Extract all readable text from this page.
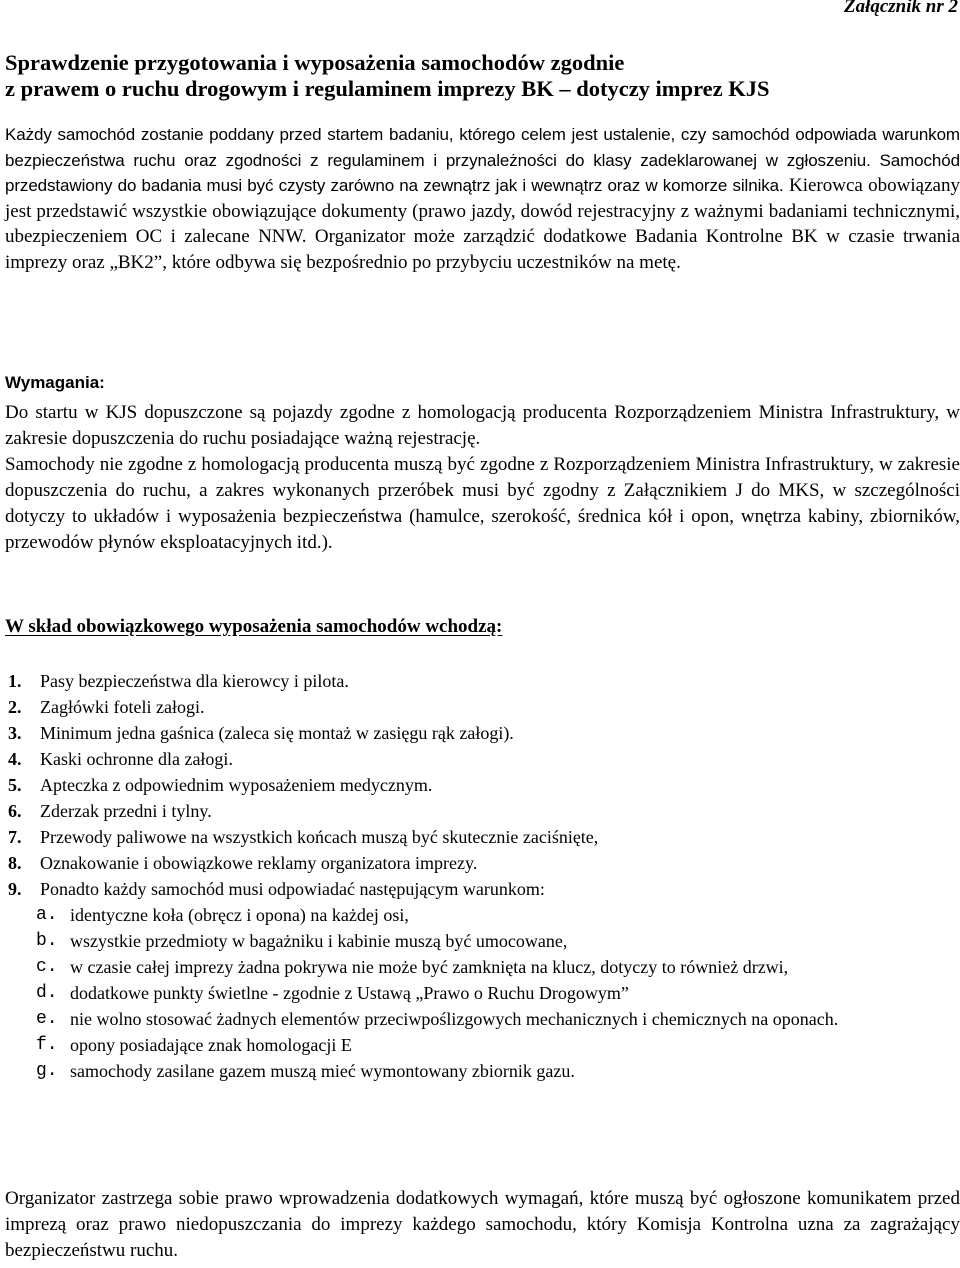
Załącznik nr 2
Sprawdzenie przygotowania i wyposażenia samochodów zgodnie
z prawem o ruchu drogowym i regulaminem imprezy BK – dotyczy imprez KJS
Każdy samochód zostanie poddany przed startem badaniu, którego celem jest ustalenie, czy samochód odpowiada warunkom bezpieczeństwa ruchu oraz zgodności z regulaminem i przynależności do klasy zadeklarowanej w zgłoszeniu. Samochód przedstawiony do badania musi być czysty zarówno na zewnątrz jak i wewnątrz oraz w komorze silnika. Kierowca obowiązany jest przedstawić wszystkie obowiązujące dokumenty (prawo jazdy, dowód rejestracyjny z ważnymi badaniami technicznymi, ubezpieczeniem OC i zalecane NNW. Organizator może zarządzić dodatkowe Badania Kontrolne BK w czasie trwania imprezy oraz „BK2”, które odbywa się bezpośrednio po przybyciu uczestników na metę.
Wymagania:

Do startu w KJS dopuszczone są pojazdy zgodne z homologacją producenta Rozporządzeniem Ministra Infrastruktury, w zakresie dopuszczenia do ruchu posiadające ważną rejestrację.

Samochody nie zgodne z homologacją producenta muszą być zgodne z Rozporządzeniem Ministra Infrastruktury, w zakresie dopuszczenia do ruchu, a zakres wykonanych przeróbek musi być zgodny z Załącznikiem J do MKS, w szczególności dotyczy to układów i wyposażenia bezpieczeństwa (hamulce, szerokość, średnica kół i opon, wnętrza kabiny, zbiorników, przewodów płynów eksploatacyjnych itd.).

W skład obowiązkowego wyposażenia samochodów wchodzą:
1. Pasy bezpieczeństwa dla kierowcy i pilota.
2. Zagłówki foteli załogi.
3. Minimum jedna gaśnica (zaleca się montaż w zasięgu rąk załogi).
4. Kaski ochronne dla załogi.
5. Apteczka z odpowiednim wyposażeniem medycznym.
6. Zderzak przedni i tylny.
7. Przewody paliwowe na wszystkich końcach muszą być skutecznie zaciśnięte,
8. Oznakowanie i obowiązkowe reklamy organizatora imprezy.
9. Ponadto każdy samochód musi odpowiadać następującym warunkom:
a. identyczne koła (obręcz i opona) na każdej osi,
b. wszystkie przedmioty w bagażniku i kabinie muszą być umocowane,
c. w czasie całej imprezy żadna pokrywa nie może być zamknięta na klucz, dotyczy to również drzwi,
d. dodatkowe punkty świetlne - zgodnie z Ustawą „Prawo o Ruchu Drogowym”
e. nie wolno stosować żadnych elementów przeciwpoślizgowych mechanicznych i chemicznych na oponach.
f. opony posiadające znak homologacji E
g. samochody zasilane gazem muszą mieć wymontowany zbiornik gazu.
Organizator zastrzega sobie prawo wprowadzenia dodatkowych wymagań, które muszą być ogłoszone komunikatem przed imprezą oraz prawo niedopuszczania do imprezy każdego samochodu, który Komisja Kontrolna uzna za zagrażający bezpieczeństwu ruchu.
